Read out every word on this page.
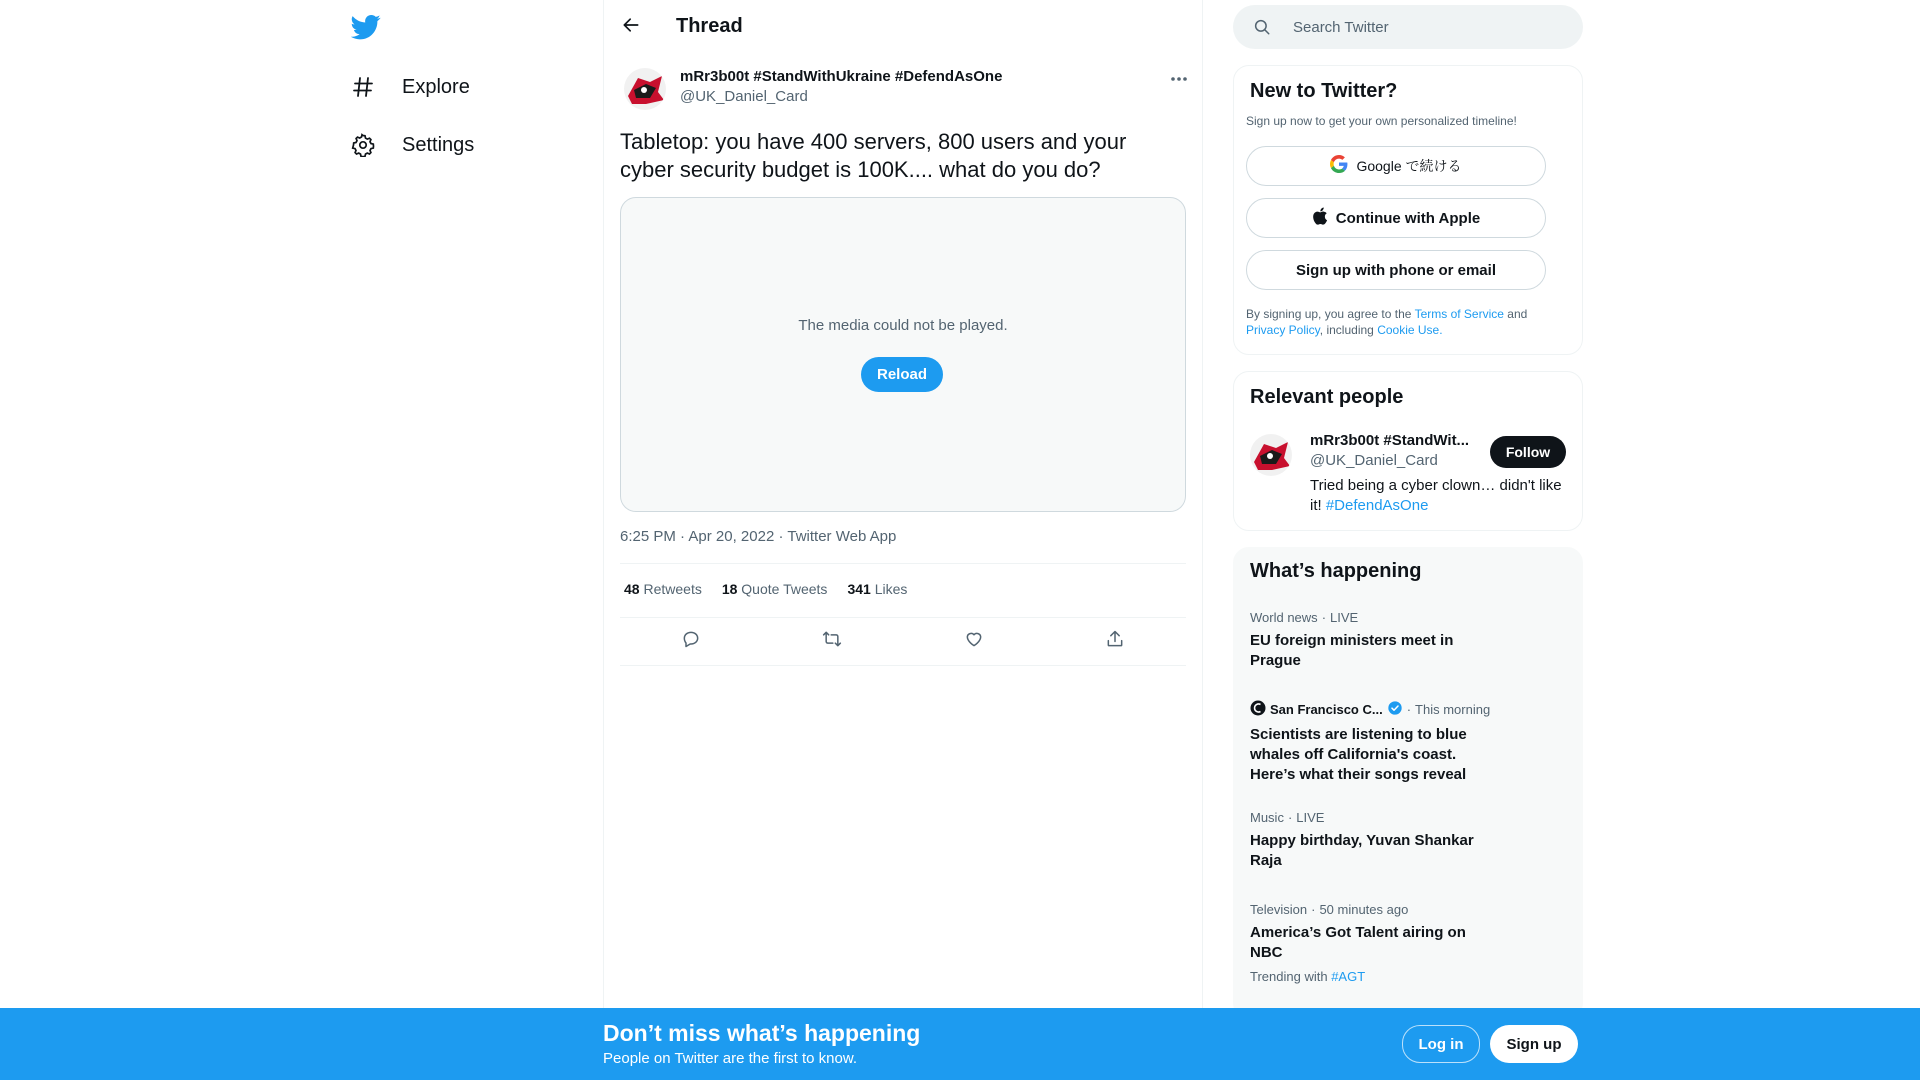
Explore
Settings
Thread
mRr3b00t #StandWithUkraine #DefendAsOne
@UK_Daniel_Card
Tabletop: you have 400 servers, 800 users and your cyber security budget is 100K.... what do you do?
The media could not be played.
Reload
6:25 PM · Apr 20, 2022 · Twitter Web App
48 Retweets 18 Quote Tweets 341 Likes
Search Twitter
New to Twitter?
Sign up now to get your own personalized timeline!
Google で続ける
Continue with Apple
Sign up with phone or email
By signing up, you agree to the Terms of Service and
Privacy Policy, including Cookie Use.
Relevant people
mRr3b00t #StandWit...
@UK_Daniel_Card	Follow
Tried being a cyber clown… didn't like it! #DefendAsOne
What’s happening
World news · LIVE
EU foreign ministers meet in Prague
San Francisco C... · This morning
Scientists are listening to blue whales off California's coast. Here’s what their songs reveal
Music · LIVE
Happy birthday, Yuvan Shankar Raja
Television · 50 minutes ago
America’s Got Talent airing on NBC
Trending with #AGT
Don’t miss what’s happening
People on Twitter are the first to know.
Log in	Sign up
